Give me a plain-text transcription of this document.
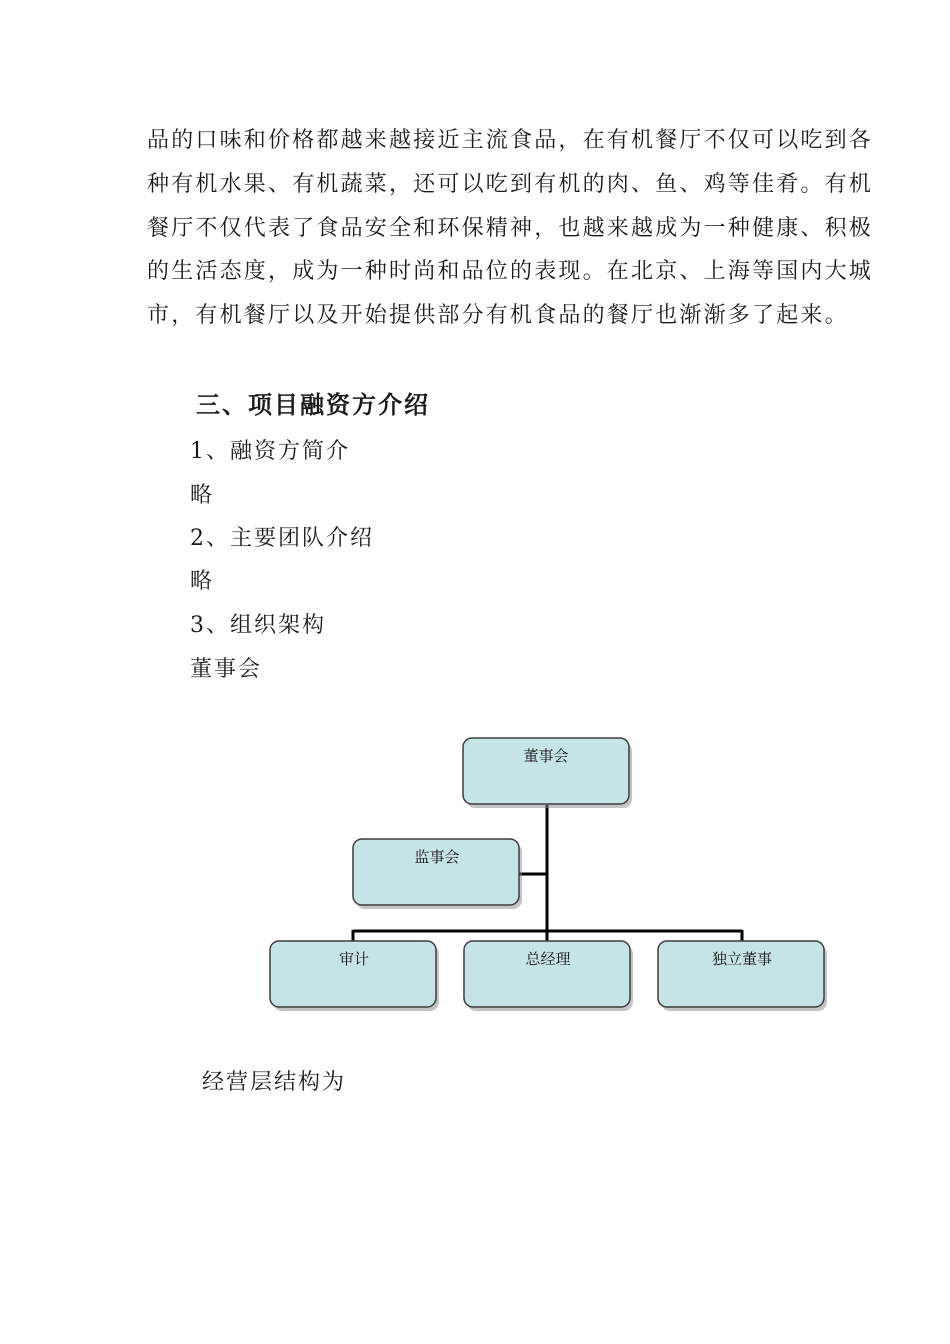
品的口味和价格都越来越接近主流食品，在有机餐厅不仅可以吃到各
种有机水果、有机蔬菜，还可以吃到有机的肉、鱼、鸡等佳肴。有机
餐厅不仅代表了食品安全和环保精神，也越来越成为一种健康、积极
的生活态度，成为一种时尚和品位的表现。在北京、上海等国内大城
市，有机餐厅以及开始提供部分有机食品的餐厅也渐渐多了起来。
三、项目融资方介绍
1、融资方简介
略
2、主要团队介绍
略
3、组织架构
董事会
董事会
监事会
审计	总经理	独立董事
经营层结构为
